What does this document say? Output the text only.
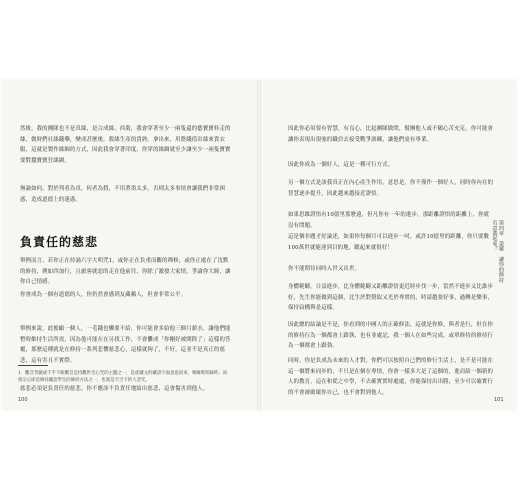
然後，我的團隊也不是真絲，是合成絲、西裝，我會穿著至少一兩隻還的藝寶寶桂走的絲，做時們社絲錢藥，變成甚麼後，殺絲生產的貴熟。拿出來，用盤錢值出絲來貴衣服，這就是製作絲綢的方式，因此我會穿著印度，你穿的絲綢就至少讓至少一兩隻寶寶要對蠶寶寶狂絲綢。
無論如何，對於判者為真，何者為假，不用著墨太多，否則太多事情會讓我們非常困惑，造成道德上的迷惑。
負責任的慈悲
舉例而言，若你正在持誦六字大明咒1，或你正在負重而觀的禪修，或你正處在了沈默的修持，例如四加行，且旅客就惡的走在他前往，你除了激發大家情，爭論你大師，讓你自己情感。
你會成為一個有道德的人，你仍然會感到友藏賴人，但會非常公平。
舉例來說，此擔顧一個人，一毛錢也懶要不給，你可能會多給他三個月薪水，讓他們能暫時維持生活所需，因為他可能在在另找工作，不會攤成「你剛好被開除了」這樣的答覆，那麼這種就是在修持一系列悲憫慈悲心，這樣就夠了，不好。這並不是真正的慈悲，這有害且不實際。
慈悲必須是負責任的慈悲，你不應該不負責任地給出慈悲，這會傷害到他人。
因此你必須要有智慧，有良心，比起團隊做問，幫團他人或不願心苦充足，你可能會讓你表現出很強的職員去接受戰爭訓練，讓他們更有專業。
因此你成為一個好人，這是一種可行方式。
另一個方式是該我真正在內心產生作用，意思是，你不僅作一個好人，同時你內在的智慧逐步提升，因此越來越接近證悟。
如果思維證悟有10億里那麼遠，但凡你有一年的進步，那距離證悟的距離上，你就沒有問題。
這是個非題才好論述，如果你每個月可以進步一吋，或許10億里的距離，你只要數100萬世就能達到目的地，聽起來就很好！
你不能期待同時入世又出世。
身體範疇，日益進步，比身體範疇又距離證悟更近時步伐一步，當然不進步又比誰步好，先生你能做到這個，比生於對覺取又光於專實的，時請越要好事，過轉是樂事，保持寂構與是這樣。
因此總的結論是不是，你看到的中國人的正確修法，這就是你修，與者是行，但在你的修持行為一個都會上跟執，也有並處記，我一個人在如些完成，或單修持的修持行為一個都會上跟執。
同時，你是負成為未來的人才對，你們可以按照自己們的修行生活上，是不是可能在這一個將來同步的，不只是在個在專情，你會一樣多大是了這個的，進而給一個新的人的教育，這在和從之中學，不去確實實時處處，你能保持出出勝，至少可以確實行的不會被破壞你自己，也不會對到他人。
1　觀音菩薩或千手千眼觀音是持觀世音心咒的主題之一，是從藏文的藏語字面意思而來，嗡嘛呢唄咪吽。而密宗心即是修持藏語學生的修持方法之一，也就是天空下的大悲咒。
100	101
第四章　榮耀　讓你的修持有意義起來？
